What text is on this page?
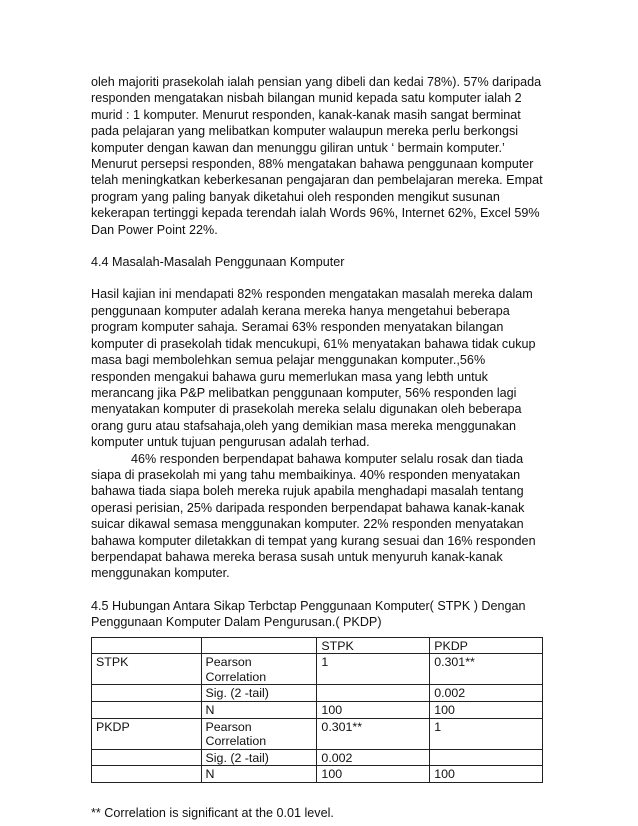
oleh majoriti prasekolah ialah pensian yang dibeli dan kedai 78%). 57% daripada
responden mengatakan nisbah bilangan munid kepada satu komputer ialah 2
murid : 1 komputer. Menurut responden, kanak-kanak masih sangat berminat
pada pelajaran yang melibatkan komputer walaupun mereka perlu berkongsi
komputer dengan kawan dan menunggu giliran untuk ‘ bermain komputer.’
Menurut persepsi responden, 88% mengatakan bahawa penggunaan komputer
telah meningkatkan keberkesanan pengajaran dan pembelajaran mereka. Empat
program yang paling banyak diketahui oleh responden mengikut susunan
kekerapan tertinggi kepada terendah ialah Words 96%, Internet 62%, Excel 59%
Dan Power Point 22%.

4.4 Masalah-Masalah Penggunaan Komputer

Hasil kajian ini mendapati 82% responden mengatakan masalah mereka dalam
penggunaan komputer adalah kerana mereka hanya mengetahui beberapa
program komputer sahaja. Seramai 63% responden menyatakan bilangan
komputer di prasekolah tidak mencukupi, 61% menyatakan bahawa tidak cukup
masa bagi membolehkan semua pelajar menggunakan komputer.,56%
responden mengakui bahawa guru memerlukan masa yang lebth untuk
merancang jika P&P melibatkan penggunaan komputer, 56% responden lagi
menyatakan komputer di prasekolah mereka selalu digunakan oleh beberapa
orang guru atau stafsahaja,oleh yang demikian masa mereka menggunakan
komputer untuk tujuan pengurusan adalah terhad.
46% responden berpendapat bahawa komputer selalu rosak dan tiada
siapa di prasekolah mi yang tahu membaikinya. 40% responden menyatakan
bahawa tiada siapa boleh mereka rujuk apabila menghadapi masalah tentang
operasi perisian, 25% daripada responden berpendapat bahawa kanak-kanak
suicar dikawal semasa menggunakan komputer. 22% responden menyatakan
bahawa komputer diletakkan di tempat yang kurang sesuai dan 16% responden
berpendapat bahawa mereka berasa susah untuk menyuruh kanak-kanak
menggunakan komputer.

4.5 Hubungan Antara Sikap Terbctap Penggunaan Komputer( STPK ) Dengan
Penggunaan Komputer Dalam Pengurusan.( PKDP)

		STPK	PKDP
STPK	Pearson Correlation	1	0.301**
	Sig. (2 -tail)		0.002
	N	100	100
PKDP	Pearson Correlation	0.301**	1
	Sig. (2 -tail)	0.002	
	N	100	100

** Correlation is significant at the 0.01 level.
